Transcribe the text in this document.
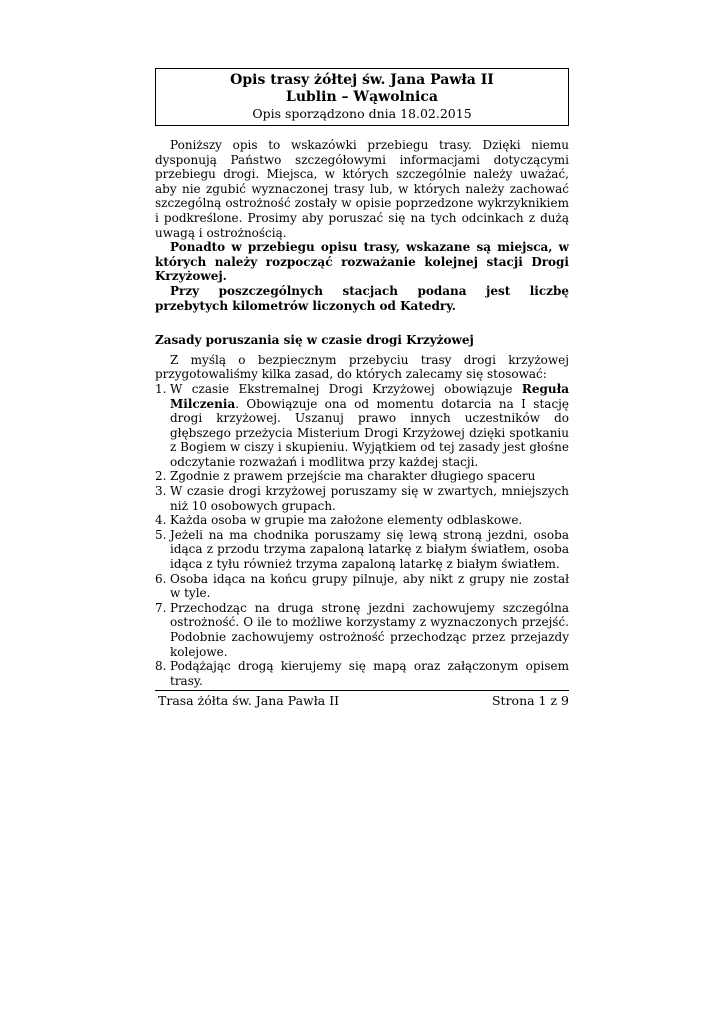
Opis trasy żółtej św. Jana Pawła II
Lublin – Wąwolnica
Opis sporządzono dnia 18.02.2015

Poniższy opis to wskazówki przebiegu trasy. Dzięki niemu dysponują Państwo szczegółowymi informacjami dotyczącymi przebiegu drogi. Miejsca, w których szczególnie należy uważać, aby nie zgubić wyznaczonej trasy lub, w których należy zachować szczególną ostrożność zostały w opisie poprzedzone wykrzyknikiem i podkreślone. Prosimy aby poruszać się na tych odcinkach z dużą uwagą i ostrożnością.

Ponadto w przebiegu opisu trasy, wskazane są miejsca, w których należy rozpocząć rozważanie kolejnej stacji Drogi Krzyżowej.

Przy poszczególnych stacjach podana jest liczbę przebytych kilometrów liczonych od Katedry.

Zasady poruszania się w czasie drogi Krzyżowej

Z myślą o bezpiecznym przebyciu trasy drogi krzyżowej przygotowaliśmy kilka zasad, do których zalecamy się stosować:

1. W czasie Ekstremalnej Drogi Krzyżowej obowiązuje Reguła Milczenia. Obowiązuje ona od momentu dotarcia na I stację drogi krzyżowej. Uszanuj prawo innych uczestników do głębszego przeżycia Misterium Drogi Krzyżowej dzięki spotkaniu z Bogiem w ciszy i skupieniu. Wyjątkiem od tej zasady jest głośne odczytanie rozważań i modlitwa przy każdej stacji.
2. Zgodnie z prawem przejście ma charakter długiego spaceru
3. W czasie drogi krzyżowej poruszamy się w zwartych, mniejszych niż 10 osobowych grupach.
4. Każda osoba w grupie ma założone elementy odblaskowe.
5. Jeżeli na ma chodnika poruszamy się lewą stroną jezdni, osoba idąca z przodu trzyma zapaloną latarkę z białym światłem, osoba idąca z tyłu również trzyma zapaloną latarkę z białym światłem.
6. Osoba idąca na końcu grupy pilnuje, aby nikt z grupy nie został w tyle.
7. Przechodząc na druga stronę jezdni zachowujemy szczególna ostrożność. O ile to możliwe korzystamy z wyznaczonych przejść. Podobnie zachowujemy ostrożność przechodząc przez przejazdy kolejowe.
8. Podążając drogą kierujemy się mapą oraz załączonym opisem trasy.
Trasa żółta św. Jana Pawła II	Strona 1 z 9
